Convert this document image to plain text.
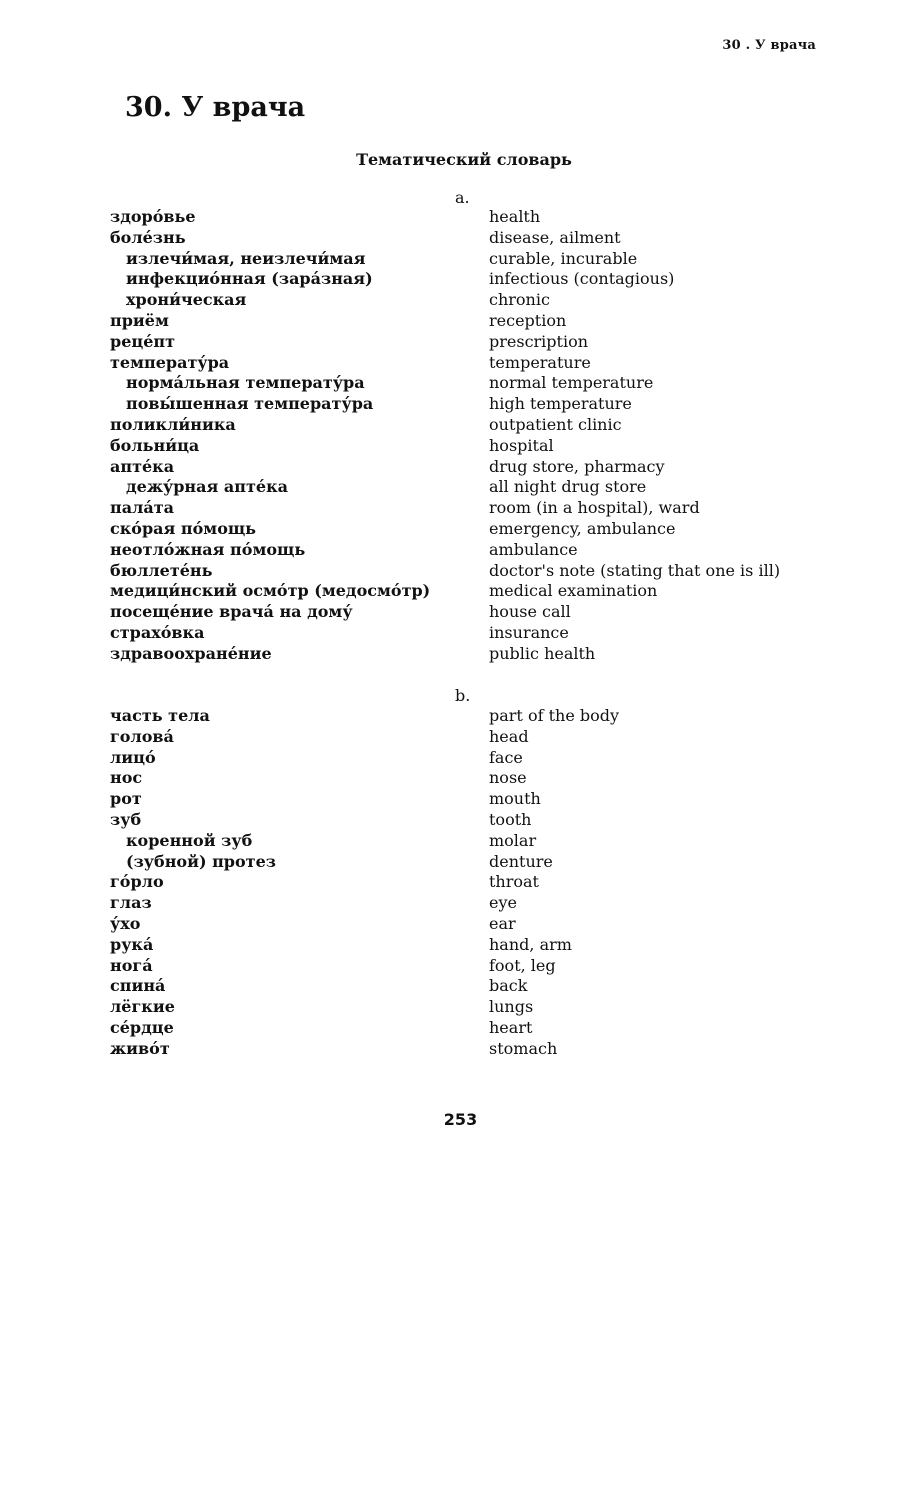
30 . У врача
30. У врача
Тематический словарь
a.
здоро́вье	health
боле́знь	disease, ailment
излечи́мая, неизлечи́мая	curable, incurable
инфекцио́нная (зара́зная)	infectious (contagious)
хрони́ческая	chronic
приём	reception
реце́пт	prescription
температу́ра	temperature
норма́льная температу́ра	normal temperature
повы́шенная температу́ра	high temperature
поликли́ника	outpatient clinic
больни́ца	hospital
апте́ка	drug store, pharmacy
дежу́рная апте́ка	all night drug store
пала́та	room (in a hospital), ward
ско́рая по́мощь	emergency, ambulance
неотло́жная по́мощь	ambulance
бюллете́нь	doctor's note (stating that one is ill)
медици́нский осмо́тр (медосмо́тр)	medical examination
посеще́ние врача́ на дому́	house call
страхо́вка	insurance
здравоохране́ние	public health
b.
часть тела	part of the body
голова́	head
лицо́	face
нос	nose
рот	mouth
зуб	tooth
коренной зуб	molar
(зубной) протез	denture
го́рло	throat
глаз	eye
у́хо	ear
рука́	hand, arm
нога́	foot, leg
спина́	back
лёгкие	lungs
се́рдце	heart
живо́т	stomach
253
